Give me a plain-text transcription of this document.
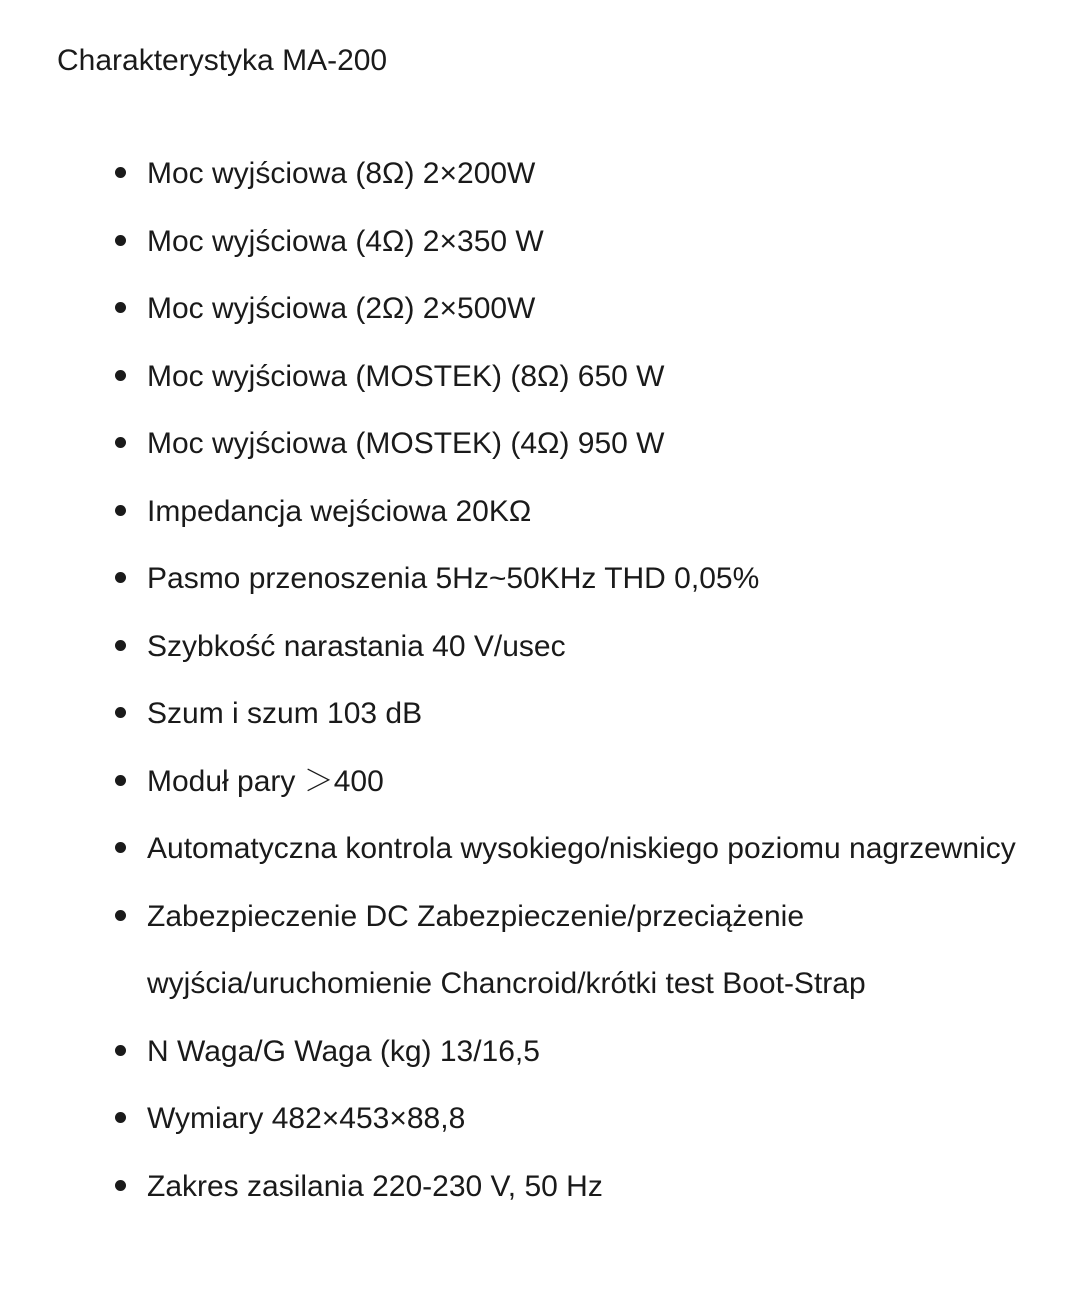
Charakterystyka MA-200
Moc wyjściowa (8Ω) 2×200W
Moc wyjściowa (4Ω) 2×350 W
Moc wyjściowa (2Ω) 2×500W
Moc wyjściowa (MOSTEK) (8Ω) 650 W
Moc wyjściowa (MOSTEK) (4Ω) 950 W
Impedancja wejściowa 20KΩ
Pasmo przenoszenia 5Hz~50KHz THD 0,05%
Szybkość narastania 40 V/usec
Szum i szum 103 dB
Moduł pary ＞400
Automatyczna kontrola wysokiego/niskiego poziomu nagrzewnicy
Zabezpieczenie DC Zabezpieczenie/przeciążenie wyjścia/uruchomienie Chancroid/krótki test Boot-Strap
N Waga/G Waga (kg) 13/16,5
Wymiary 482×453×88,8
Zakres zasilania 220-230 V, 50 Hz
